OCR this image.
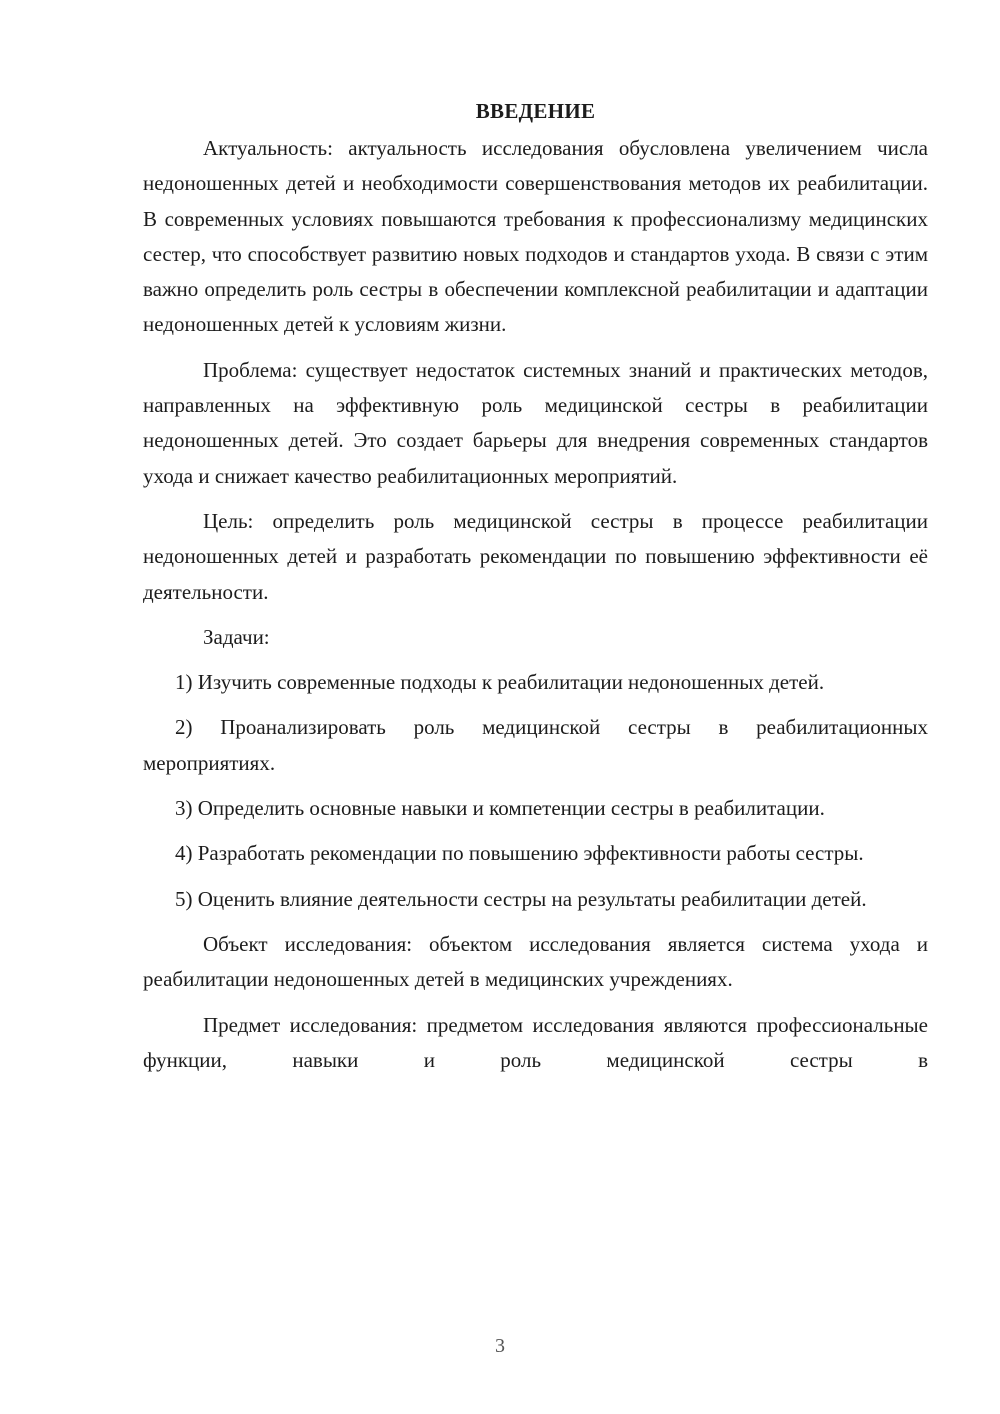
ВВЕДЕНИЕ

Актуальность: актуальность исследования обусловлена увеличением числа недоношенных детей и необходимости совершенствования методов их реабилитации. В современных условиях повышаются требования к профессионализму медицинских сестер, что способствует развитию новых подходов и стандартов ухода. В связи с этим важно определить роль сестры в обеспечении комплексной реабилитации и адаптации недоношенных детей к условиям жизни.

Проблема: существует недостаток системных знаний и практических методов, направленных на эффективную роль медицинской сестры в реабилитации недоношенных детей. Это создает барьеры для внедрения современных стандартов ухода и снижает качество реабилитационных мероприятий.

Цель: определить роль медицинской сестры в процессе реабилитации недоношенных детей и разработать рекомендации по повышению эффективности её деятельности.

Задачи:

1) Изучить современные подходы к реабилитации недоношенных детей.

2) Проанализировать роль медицинской сестры в реабилитационных мероприятиях.

3) Определить основные навыки и компетенции сестры в реабилитации.

4) Разработать рекомендации по повышению эффективности работы сестры.

5) Оценить влияние деятельности сестры на результаты реабилитации детей.

Объект исследования: объектом исследования является система ухода и реабилитации недоношенных детей в медицинских учреждениях.

Предмет исследования: предметом исследования являются профессиональные функции, навыки и роль медицинской сестры в

3
